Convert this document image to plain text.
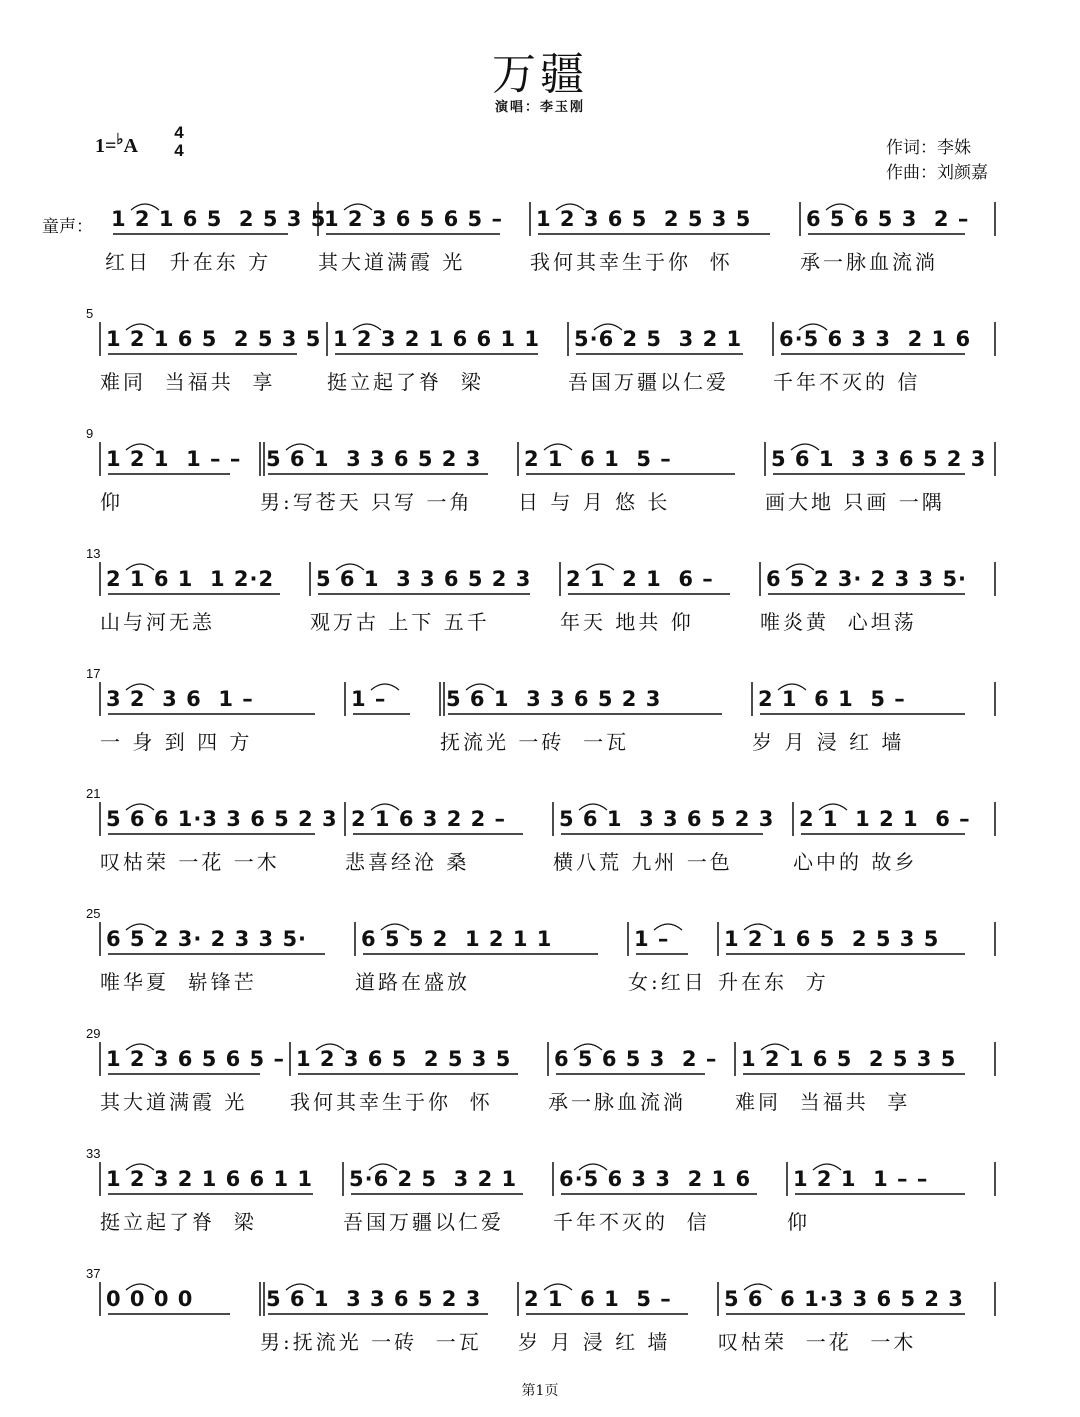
万疆
演唱：李玉刚
1=♭A
4
4	作词：李姝
作曲：刘颜嘉
童声： 1 2 1 6 5  2 5 3 5
红日  升在东 方
1 2 3 6 5 6 5 –
其大道满霞 光
1 2 3 6 5  2 5 3 5
我何其幸生于你  怀
6 5 6 5 3  2 –
承一脉血流淌
5
1 2 1 6 5  2 5 3 5
难同  当福共  享
1 2 3 2 1 6 6 1 1
挺立起了脊  梁
5·6 2 5  3 2 1
吾国万疆以仁爱
6·5 6 3 3  2 1 6
千年不灭的 信
9
1 2 1  1 – –
仰
5 6 1  3 3 6 5 2 3
男:写苍天 只写 一角
2 1  6 1  5 –
日 与 月 悠 长
5 6 1  3 3 6 5 2 3
画大地 只画 一隅
13
2 1 6 1  1 2·2
山与河无恙
5 6 1  3 3 6 5 2 3
观万古 上下 五千
2 1  2 1  6 –
年天 地共 仰
6 5 2 3· 2 3 3 5·
唯炎黄  心坦荡
17
3 2  3 6  1 –
一 身 到 四 方
1 –	5 6 1  3 3 6 5 2 3
抚流光 一砖  一瓦
2 1  6 1  5 –
岁 月 浸 红 墙
21
5 6 6 1·3 3 6 5 2 3
叹枯荣 一花 一木
2 1 6 3 2 2 –
悲喜经沧 桑
5 6 1  3 3 6 5 2 3
横八荒 九州 一色
2 1  1 2 1  6 –
心中的 故乡
25
6 5 2 3· 2 3 3 5·
唯华夏  崭锋芒
6 5 5 2  1 2 1 1
道路在盛放
1 –
女:红日
1 2 1 6 5  2 5 3 5
升在东  方
29
1 2 3 6 5 6 5 –
其大道满霞 光
1 2 3 6 5  2 5 3 5
我何其幸生于你  怀
6 5 6 5 3  2 –
承一脉血流淌
1 2 1 6 5  2 5 3 5
难同  当福共  享
33
1 2 3 2 1 6 6 1 1
挺立起了脊  梁
5·6 2 5  3 2 1
吾国万疆以仁爱
6·5 6 3 3  2 1 6
千年不灭的  信
1 2 1  1 – –
仰
37
0 0 0 0	5 6 1  3 3 6 5 2 3
男:抚流光 一砖  一瓦
2 1  6 1  5 –
岁 月 浸 红 墙
5 6  6 1·3 3 6 5 2 3
叹枯荣  一花  一木
第1页
